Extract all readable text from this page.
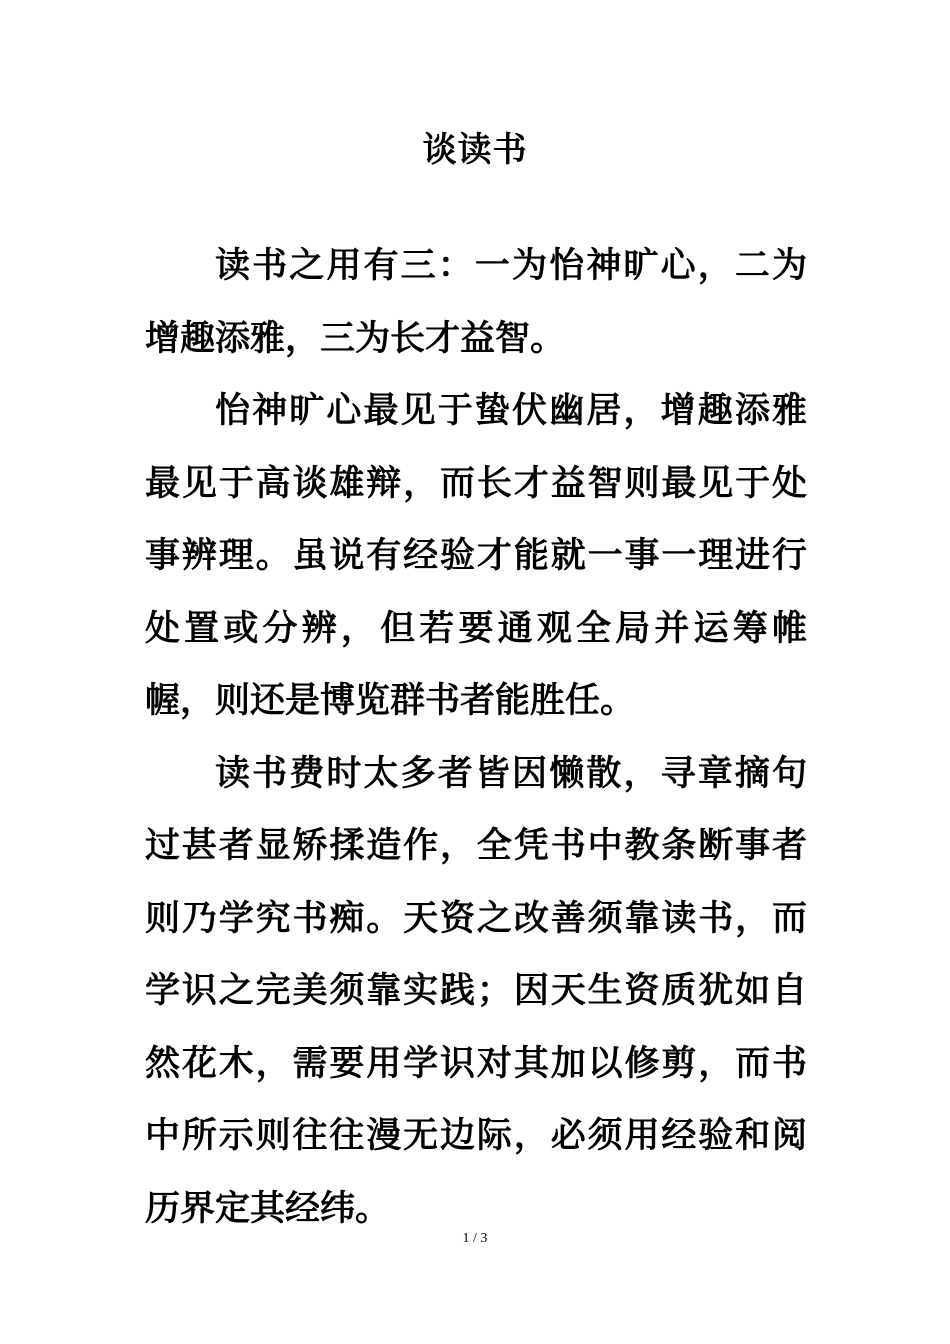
谈读书

读书之用有三：一为怡神旷心，二为增趣添雅，三为长才益智。

怡神旷心最见于蛰伏幽居，增趣添雅最见于高谈雄辩，而长才益智则最见于处事辨理。虽说有经验才能就一事一理进行处置或分辨，但若要通观全局并运筹帷幄，则还是博览群书者能胜任。

读书费时太多者皆因懒散，寻章摘句过甚者显矫揉造作，全凭书中教条断事者则乃学究书痴。天资之改善须靠读书，而学识之完美须靠实践；因天生资质犹如自然花木，需要用学识对其加以修剪，而书中所示则往往漫无边际，必须用经验和阅历界定其经纬。

1 / 3
